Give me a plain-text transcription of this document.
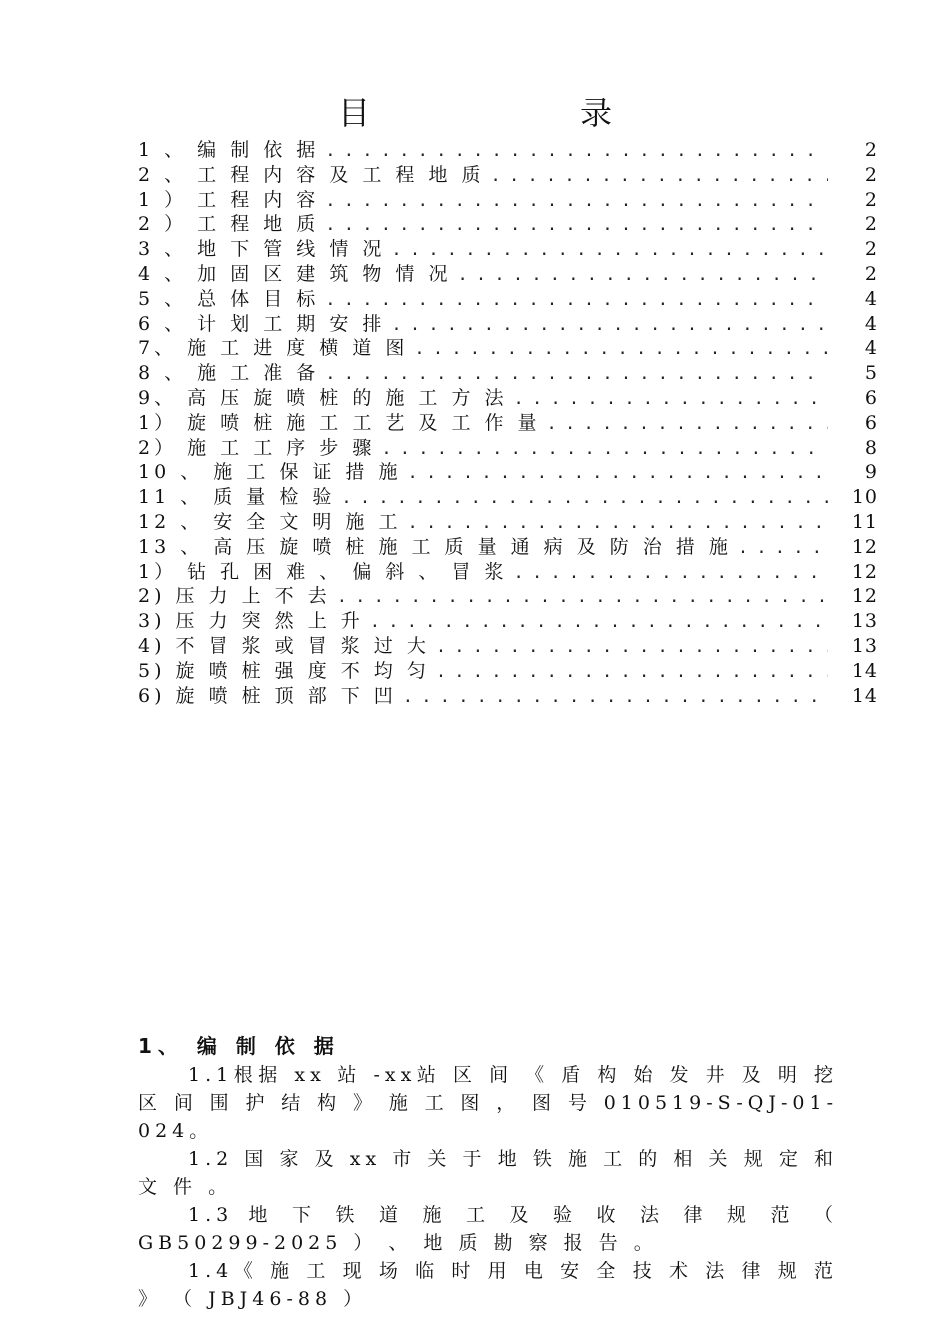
目	录
1 、 编 制 依 据 . . .	2
2 、 工 程 内 容 及 工 程 地 质 . . .	2
1 ） 工 程 内 容 . . .	2
2 ） 工 程 地 质 . . .	2
3 、 地 下 管 线 情 况 . . .	2
4 、 加 固 区 建 筑 物 情 况 . . .	2
5 、 总 体 目 标 . . .	4
6 、 计 划 工 期 安 排 . . .	4
7、 施 工 进 度 横 道 图 . . .	4
8 、 施 工 准 备 . . .	5
9、 高 压 旋 喷 桩 的 施 工 方 法 . . .	6
1） 旋 喷 桩 施 工 工 艺 及 工 作 量 . . .	6
2） 施 工 工 序 步 骤 . . .	8
10 、 施 工 保 证 措 施 . . .	9
11 、 质 量 检 验 . . .	10
12 、 安 全 文 明 施 工 . . .	11
13 、 高 压 旋 喷 桩 施 工 质 量 通 病 及 防 治 措 施 . . .	12
1） 钻 孔 困 难 、 偏 斜 、 冒 浆 . . .	12
2) 压 力 上 不 去 . . .	12
3) 压 力 突 然 上 升 . . .	13
4) 不 冒 浆 或 冒 浆 过 大 . . .	13
5) 旋 喷 桩 强 度 不 均 匀 . . .	14
6) 旋 喷 桩 顶 部 下 凹 . . .	14
1、 编 制 依 据

1.1根据 xx 站 -xx站 区 间 《 盾 构 始 发 井 及 明 挖 区 间 围 护 结 构 》 施 工 图 ， 图 号 010519-S-QJ-01-024。

1.2 国 家 及 xx 市 关 于 地 铁 施 工 的 相 关 规 定 和 文 件 。

1.3 地 下 铁 道 施 工 及 验 收 法 律 规 范 （ GB50299-2025 ） 、 地 质 勘 察 报 告 。

1.4《 施 工 现 场 临 时 用 电 安 全 技 术 法 律 规 范 》 （ JBJ46-88 ）
